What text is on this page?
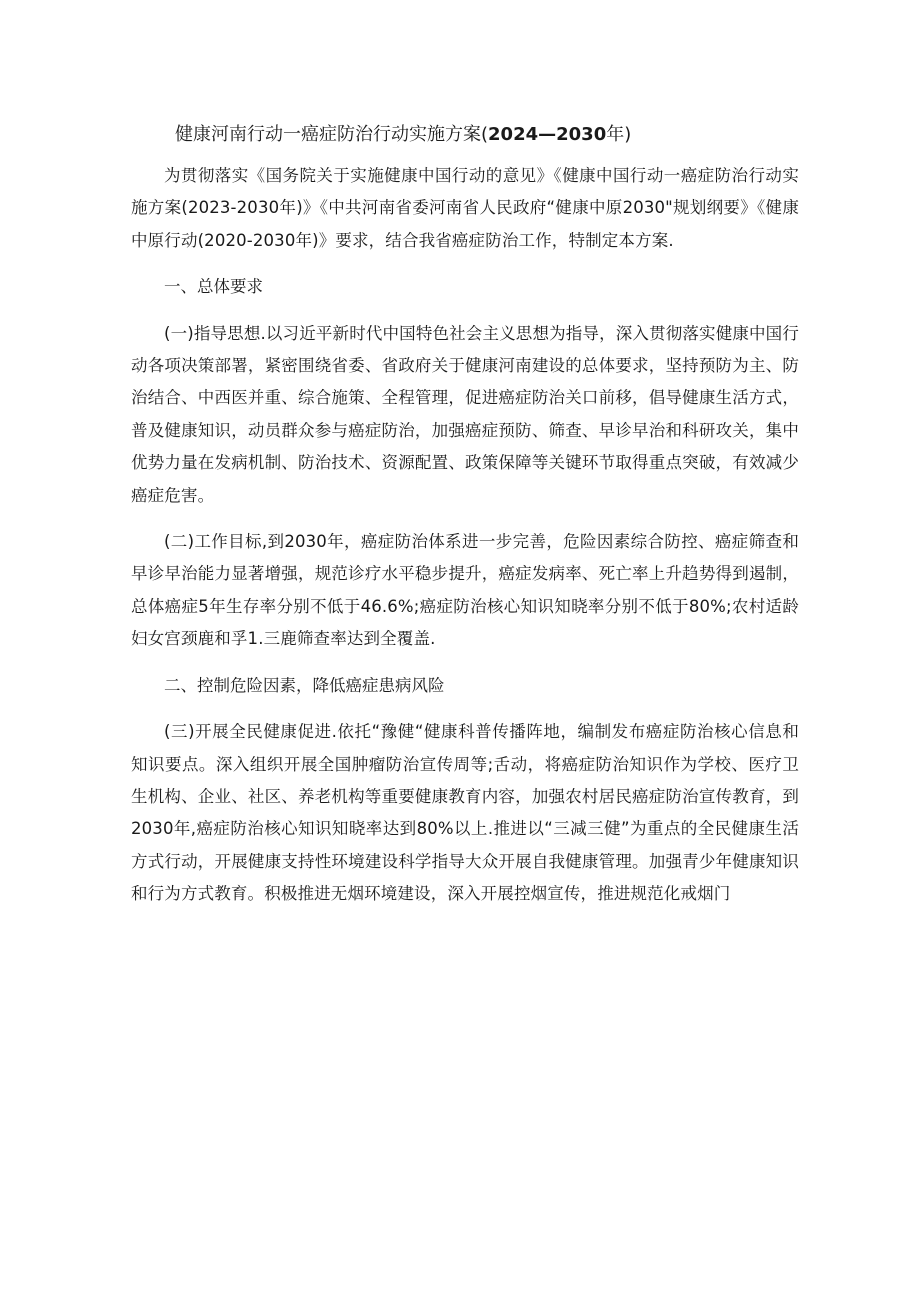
健康河南行动一癌症防治行动实施方案(2024—2030年)

为贯彻落实《国务院关于实施健康中国行动的意见》《健康中国行动一癌症防治行动实施方案(2023-2030年)》《中共河南省委河南省人民政府“健康中原2030"规划纲要》《健康中原行动(2020-2030年)》要求，结合我省癌症防治工作，特制定本方案.

一、总体要求

(一)指导思想.以习近平新时代中国特色社会主义思想为指导，深入贯彻落实健康中国行动各项决策部署，紧密围绕省委、省政府关于健康河南建设的总体要求，坚持预防为主、防治结合、中西医并重、综合施策、全程管理，促进癌症防治关口前移，倡导健康生活方式，普及健康知识，动员群众参与癌症防治，加强癌症预防、筛查、早诊早治和科研攻关，集中优势力量在发病机制、防治技术、资源配置、政策保障等关键环节取得重点突破，有效减少癌症危害。

(二)工作目标,到2030年，癌症防治体系进一步完善，危险因素综合防控、癌症筛查和早诊早治能力显著增强，规范诊疗水平稳步提升，癌症发病率、死亡率上升趋势得到遏制，总体癌症5年生存率分别不低于46.6%;癌症防治核心知识知晓率分别不低于80%;农村适龄妇女宫颈鹿和孚1.三鹿筛查率达到全覆盖.

二、控制危险因素，降低癌症患病风险

(三)开展全民健康促进.依托“豫健“健康科普传播阵地，编制发布癌症防治核心信息和知识要点。深入组织开展全国肿瘤防治宣传周等;舌动，将癌症防治知识作为学校、医疗卫生机构、企业、社区、养老机构等重要健康教育内容，加强农村居民癌症防治宣传教育，到2030年,癌症防治核心知识知晓率达到80%以上.推进以“三减三健”为重点的全民健康生活方式行动，开展健康支持性环境建设科学指导大众开展自我健康管理。加强青少年健康知识和行为方式教育。积极推进无烟环境建设，深入开展控烟宣传，推进规范化戒烟门
